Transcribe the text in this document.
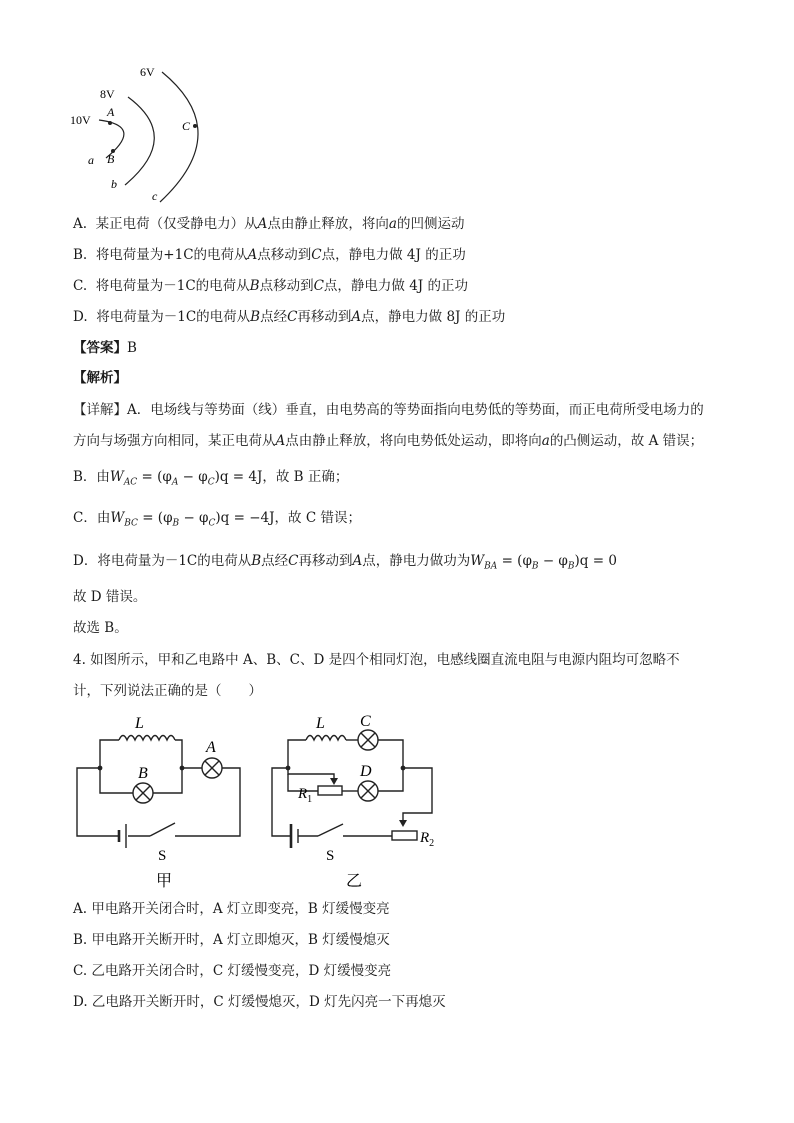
6V
8V
10V
A
B
C
a
b
c
A. 某正电荷（仅受静电力）从A点由静止释放，将向a的凹侧运动
B. 将电荷量为+1C的电荷从A点移动到C点，静电力做 4J 的正功
C. 将电荷量为－1C的电荷从B点移动到C点，静电力做 4J 的正功
D. 将电荷量为－1C的电荷从B点经C再移动到A点，静电力做 8J 的正功
【答案】B
【解析】
【详解】A．电场线与等势面（线）垂直，由电势高的等势面指向电势低的等势面，而正电荷所受电场力的
方向与场强方向相同，某正电荷从A点由静止释放，将向电势低处运动，即将向a的凸侧运动，故 A 错误；
B．由$W_{AC} = (\varphi_A - \varphi_C)q = 4J$，故 B 正确；
C．由$W_{BC} = (\varphi_B - \varphi_C)q = -4J$，故 C 错误；
D．将电荷量为－1C的电荷从B点经C再移动到A点，静电力做功为$W_{BA} = (\varphi_B - \varphi_B)q = 0$
故 D 错误。
故选 B。
4. 如图所示，甲和乙电路中 A、B、C、D 是四个相同灯泡，电感线圈直流电阻与电源内阻均可忽略不
计，下列说法正确的是（　　）
L
A
B
S
甲
L C
D
$R_1$
$R_2$
S
乙
A. 甲电路开关闭合时，A 灯立即变亮，B 灯缓慢变亮
B. 甲电路开关断开时，A 灯立即熄灭，B 灯缓慢熄灭
C. 乙电路开关闭合时，C 灯缓慢变亮，D 灯缓慢变亮
D. 乙电路开关断开时，C 灯缓慢熄灭，D 灯先闪亮一下再熄灭
